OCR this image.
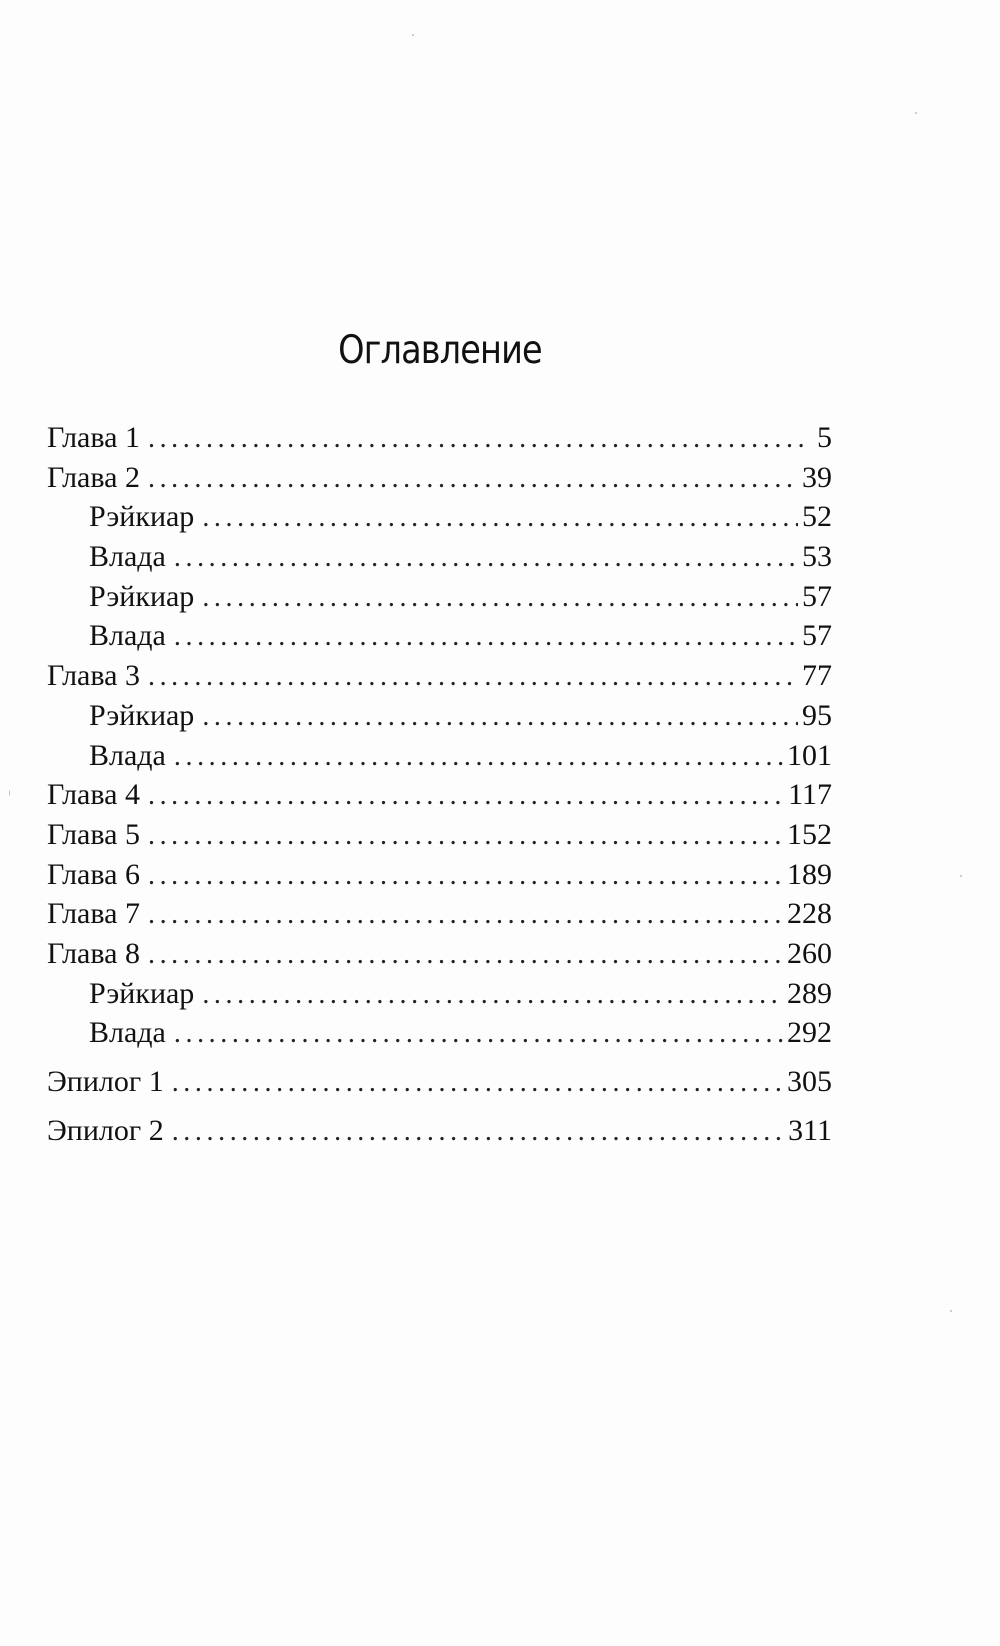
Оглавление
Глава 1 . . .	5
Глава 2 . . .	39
Рэйкиар . . .	52
Влада . . .	53
Рэйкиар . . .	57
Влада . . .	57
Глава 3 . . .	77
Рэйкиар . . .	95
Влада . . .	101
Глава 4 . . .	117
Глава 5 . . .	152
Глава 6 . . .	189
Глава 7 . . .	228
Глава 8 . . .	260
Рэйкиар . . .	289
Влада . . .	292
Эпилог 1 . . .	305
Эпилог 2 . . .	311
